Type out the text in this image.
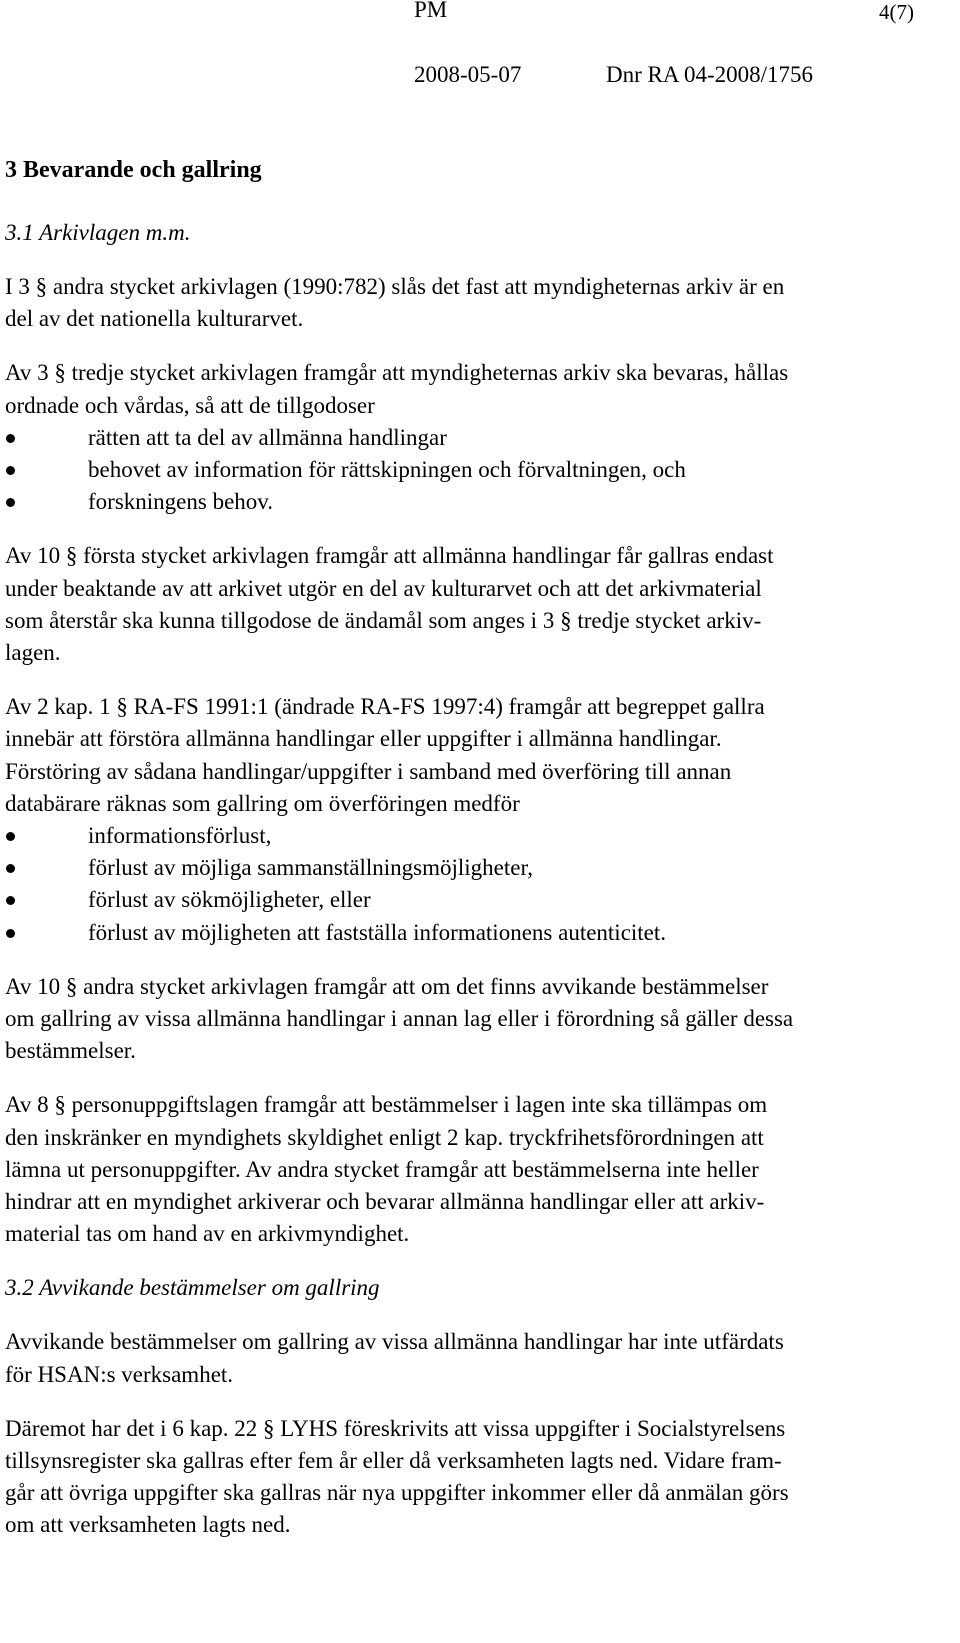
PM	4(7)
2008-05-07	Dnr RA 04-2008/1756
3 Bevarande och gallring
3.1 Arkivlagen m.m.

I 3 § andra stycket arkivlagen (1990:782) slås det fast att myndigheternas arkiv är en
del av det nationella kulturarvet.

Av 3 § tredje stycket arkivlagen framgår att myndigheternas arkiv ska bevaras, hållas
ordnade och vårdas, så att de tillgodoser

rätten att ta del av allmänna handlingar
behovet av information för rättskipningen och förvaltningen, och
forskningens behov.

Av 10 § första stycket arkivlagen framgår att allmänna handlingar får gallras endast
under beaktande av att arkivet utgör en del av kulturarvet och att det arkivmaterial
som återstår ska kunna tillgodose de ändamål som anges i 3 § tredje stycket arkiv-
lagen.

Av 2 kap. 1 § RA-FS 1991:1 (ändrade RA-FS 1997:4) framgår att begreppet gallra
innebär att förstöra allmänna handlingar eller uppgifter i allmänna handlingar.
Förstöring av sådana handlingar/uppgifter i samband med överföring till annan
databärare räknas som gallring om överföringen medför

informationsförlust,
förlust av möjliga sammanställningsmöjligheter,
förlust av sökmöjligheter, eller
förlust av möjligheten att fastställa informationens autenticitet.

Av 10 § andra stycket arkivlagen framgår att om det finns avvikande bestämmelser
om gallring av vissa allmänna handlingar i annan lag eller i förordning så gäller dessa
bestämmelser.

Av 8 § personuppgiftslagen framgår att bestämmelser i lagen inte ska tillämpas om
den inskränker en myndighets skyldighet enligt 2 kap. tryckfrihetsförordningen att
lämna ut personuppgifter. Av andra stycket framgår att bestämmelserna inte heller
hindrar att en myndighet arkiverar och bevarar allmänna handlingar eller att arkiv-
material tas om hand av en arkivmyndighet.

3.2 Avvikande bestämmelser om gallring

Avvikande bestämmelser om gallring av vissa allmänna handlingar har inte utfärdats
för HSAN:s verksamhet.

Däremot har det i 6 kap. 22 § LYHS föreskrivits att vissa uppgifter i Socialstyrelsens
tillsynsregister ska gallras efter fem år eller då verksamheten lagts ned. Vidare fram-
går att övriga uppgifter ska gallras när nya uppgifter inkommer eller då anmälan görs
om att verksamheten lagts ned.
